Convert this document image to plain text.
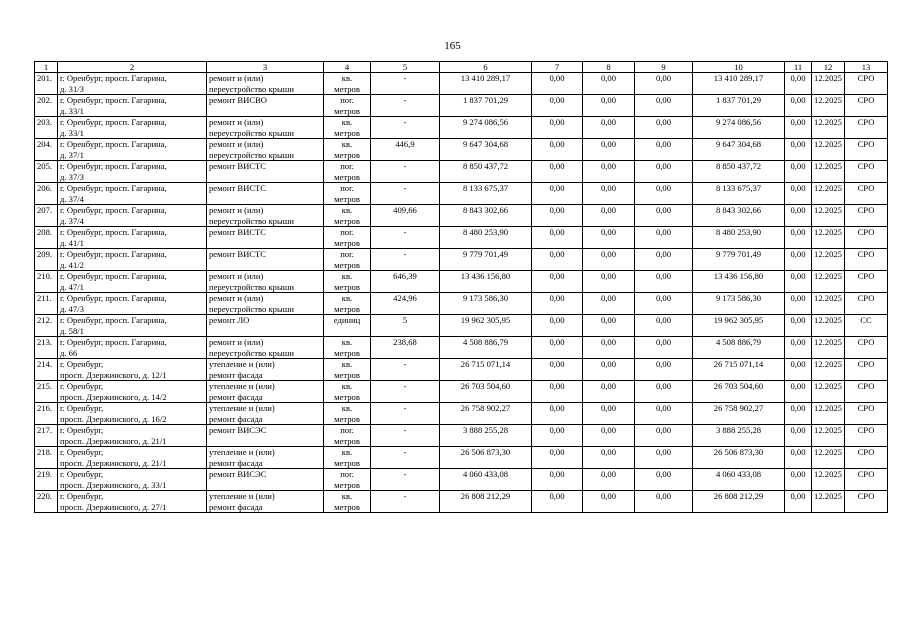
165
1	2	3	4	5	6	7	8	9	10	11	12	13
201.	г. Оренбург, просп. Гагарина,
д. 31/3	ремонт и (или)
переустройство крыши	кв.
метров	-	13 410 289,17	0,00	0,00	0,00	13 410 289,17	0,00	12.2025	СРО
202.	г. Оренбург, просп. Гагарина,
д. 33/1	ремонт ВИСВО	пог.
метров	-	1 837 701,29	0,00	0,00	0,00	1 837 701,29	0,00	12.2025	СРО
203.	г. Оренбург, просп. Гагарина,
д. 33/1	ремонт и (или)
переустройство крыши	кв.
метров	-	9 274 086,56	0,00	0,00	0,00	9 274 086,56	0,00	12.2025	СРО
204.	г. Оренбург, просп. Гагарина,
д. 37/1	ремонт и (или)
переустройство крыши	кв.
метров	446,9	9 647 304,68	0,00	0,00	0,00	9 647 304,68	0,00	12.2025	СРО
205.	г. Оренбург, просп. Гагарина,
д. 37/3	ремонт ВИСТС	пог.
метров	-	8 850 437,72	0,00	0,00	0,00	8 850 437,72	0,00	12.2025	СРО
206.	г. Оренбург, просп. Гагарина,
д. 37/4	ремонт ВИСТС	пог.
метров	-	8 133 675,37	0,00	0,00	0,00	8 133 675,37	0,00	12.2025	СРО
207.	г. Оренбург, просп. Гагарина,
д. 37/4	ремонт и (или)
переустройство крыши	кв.
метров	409,66	8 843 302,66	0,00	0,00	0,00	8 843 302,66	0,00	12.2025	СРО
208.	г. Оренбург, просп. Гагарина,
д. 41/1	ремонт ВИСТС	пог.
метров	-	8 480 253,90	0,00	0,00	0,00	8 480 253,90	0,00	12.2025	СРО
209.	г. Оренбург, просп. Гагарина,
д. 41/2	ремонт ВИСТС	пог.
метров	-	9 779 701,49	0,00	0,00	0,00	9 779 701,49	0,00	12.2025	СРО
210.	г. Оренбург, просп. Гагарина,
д. 47/1	ремонт и (или)
переустройство крыши	кв.
метров	646,39	13 436 156,80	0,00	0,00	0,00	13 436 156,80	0,00	12.2025	СРО
211.	г. Оренбург, просп. Гагарина,
д. 47/3	ремонт и (или)
переустройство крыши	кв.
метров	424,96	9 173 586,30	0,00	0,00	0,00	9 173 586,30	0,00	12.2025	СРО
212.	г. Оренбург, просп. Гагарина,
д. 58/1	ремонт ЛО	единиц	5	19 962 305,95	0,00	0,00	0,00	19 962 305,95	0,00	12.2025	СС
213.	г. Оренбург, просп. Гагарина,
д. 66	ремонт и (или)
переустройство крыши	кв.
метров	238,68	4 508 886,79	0,00	0,00	0,00	4 508 886,79	0,00	12.2025	СРО
214.	г. Оренбург,
просп. Дзержинского, д. 12/1	утепление и (или)
ремонт фасада	кв.
метров	-	26 715 071,14	0,00	0,00	0,00	26 715 071,14	0,00	12.2025	СРО
215.	г. Оренбург,
просп. Дзержинского, д. 14/2	утепление и (или)
ремонт фасада	кв.
метров	-	26 703 504,60	0,00	0,00	0,00	26 703 504,60	0,00	12.2025	СРО
216.	г. Оренбург,
просп. Дзержинского, д. 16/2	утепление и (или)
ремонт фасада	кв.
метров	-	26 758 902,27	0,00	0,00	0,00	26 758 902,27	0,00	12.2025	СРО
217.	г. Оренбург,
просп. Дзержинского, д. 21/1	ремонт ВИСЭС	пог.
метров	-	3 888 255,28	0,00	0,00	0,00	3 888 255,28	0,00	12.2025	СРО
218.	г. Оренбург,
просп. Дзержинского, д. 21/1	утепление и (или)
ремонт фасада	кв.
метров	-	26 506 873,30	0,00	0,00	0,00	26 506 873,30	0,00	12.2025	СРО
219.	г. Оренбург,
просп. Дзержинского, д. 33/1	ремонт ВИСЭС	пог.
метров	-	4 060 433,08	0,00	0,00	0,00	4 060 433,08	0,00	12.2025	СРО
220.	г. Оренбург,
просп. Дзержинского, д. 27/1	утепление и (или)
ремонт фасада	кв.
метров	-	26 808 212,29	0,00	0,00	0,00	26 808 212,29	0,00	12.2025	СРО
